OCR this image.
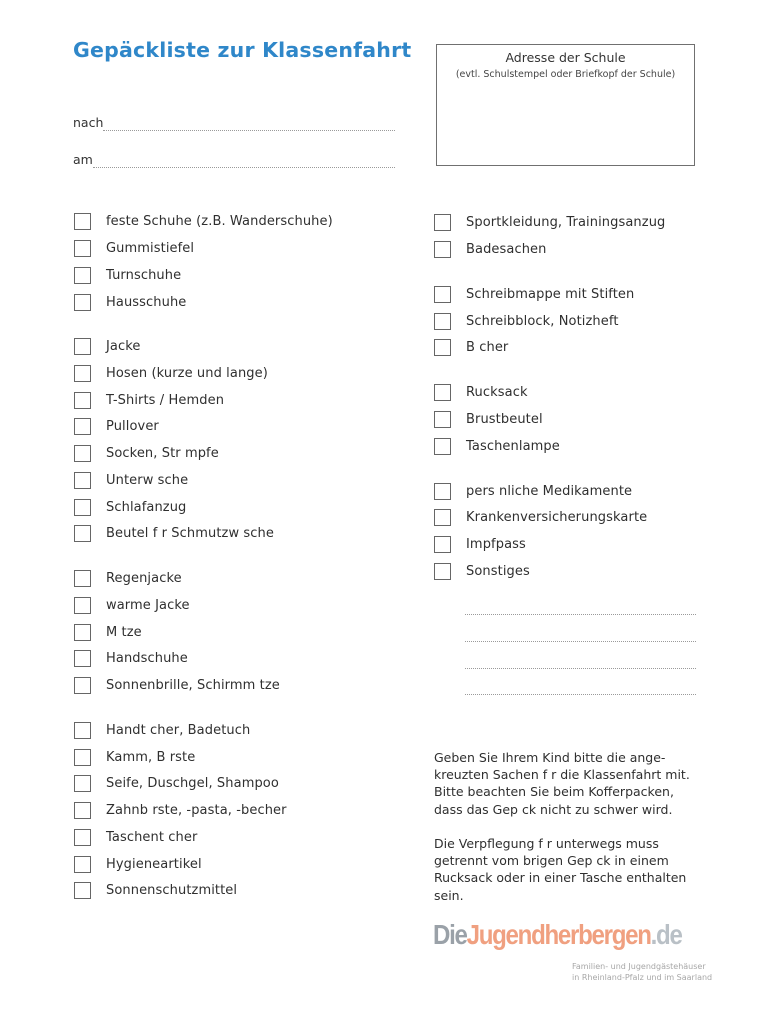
Gepäckliste zur Klassenfahrt	Adresse der Schule
(evtl. Schulstempel oder Briefkopf der Schule)
nach
am
feste Schuhe (z.B. Wanderschuhe)
Gummistiefel
Turnschuhe
Hausschuhe
Jacke
Hosen (kurze und lange)
T-Shirts / Hemden
Pullover
Socken, Str mpfe
Unterw sche
Schlafanzug
Beutel f r Schmutzw sche
Regenjacke
warme Jacke
M tze
Handschuhe
Sonnenbrille, Schirmm tze
Handt cher, Badetuch
Kamm, B rste
Seife, Duschgel, Shampoo
Zahnb rste, -pasta, -becher
Taschent cher
Hygieneartikel
Sonnenschutzmittel
Sportkleidung, Trainingsanzug
Badesachen
Schreibmappe mit Stiften
Schreibblock, Notizheft
B cher
Rucksack
Brustbeutel
Taschenlampe
pers nliche Medikamente
Krankenversicherungskarte
Impfpass
Sonstiges
Geben Sie Ihrem Kind bitte die ange-
kreuzten Sachen f r die Klassenfahrt mit.
Bitte beachten Sie beim Kofferpacken,
dass das Gep ck nicht zu schwer wird.
Die Verpflegung f r unterwegs muss
getrennt vom brigen Gep ck in einem
Rucksack oder in einer Tasche enthalten
sein.
DieJugendherbergen.de
Familien- und Jugendgästehäuser
in Rheinland-Pfalz und im Saarland
